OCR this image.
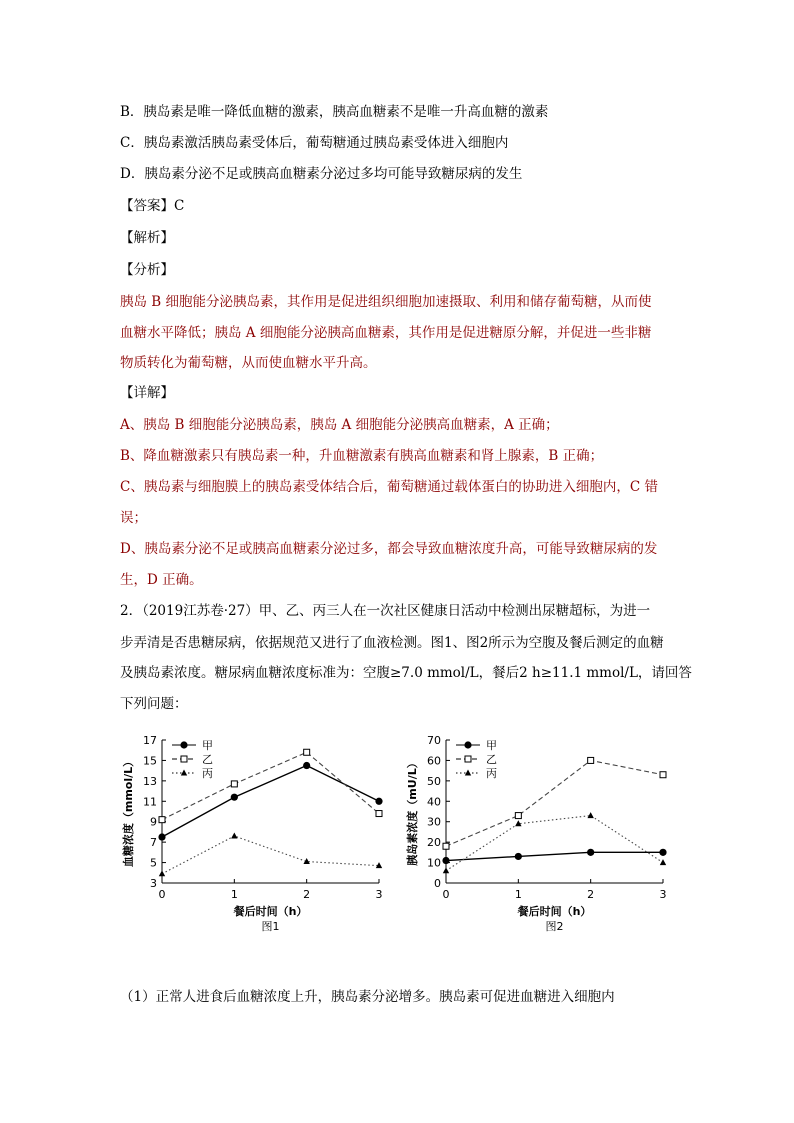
B．胰岛素是唯一降低血糖的激素，胰高血糖素不是唯一升高血糖的激素
C．胰岛素激活胰岛素受体后，葡萄糖通过胰岛素受体进入细胞内
D．胰岛素分泌不足或胰高血糖素分泌过多均可能导致糖尿病的发生
【答案】C
【解析】
【分析】
胰岛 B 细胞能分泌胰岛素，其作用是促进组织细胞加速摄取、利用和储存葡萄糖，从而使
血糖水平降低；胰岛 A 细胞能分泌胰高血糖素，其作用是促进糖原分解，并促进一些非糖
物质转化为葡萄糖，从而使血糖水平升高。
【详解】
A、胰岛 B 细胞能分泌胰岛素，胰岛 A 细胞能分泌胰高血糖素，A 正确；
B、降血糖激素只有胰岛素一种，升血糖激素有胰高血糖素和肾上腺素，B 正确；
C、胰岛素与细胞膜上的胰岛素受体结合后，葡萄糖通过载体蛋白的协助进入细胞内，C 错
误；
D、胰岛素分泌不足或胰高血糖素分泌过多，都会导致血糖浓度升高，可能导致糖尿病的发
生，D 正确。
2．（2019江苏卷·27）甲、乙、丙三人在一次社区健康日活动中检测出尿糖超标，为进一
步弄清是否患糖尿病，依据规范又进行了血液检测。图1、图2所示为空腹及餐后测定的血糖
及胰岛素浓度。糖尿病血糖浓度标准为：空腹≥7.0 mmol/L，餐后2 h≥11.1 mmol/L，请回答
下列问题：
3
5
7
9
11
13
15
17
0	1	2	3
餐后时间（h）
图1
血糖浓度（mmol/L）
甲
乙
丙
0
10
20
30
40
50
60
70
0	1	2	3
餐后时间（h）
图2
胰岛素浓度（mU/L）
甲
乙
丙
（1）正常人进食后血糖浓度上升，胰岛素分泌增多。胰岛素可促进血糖进入细胞内
